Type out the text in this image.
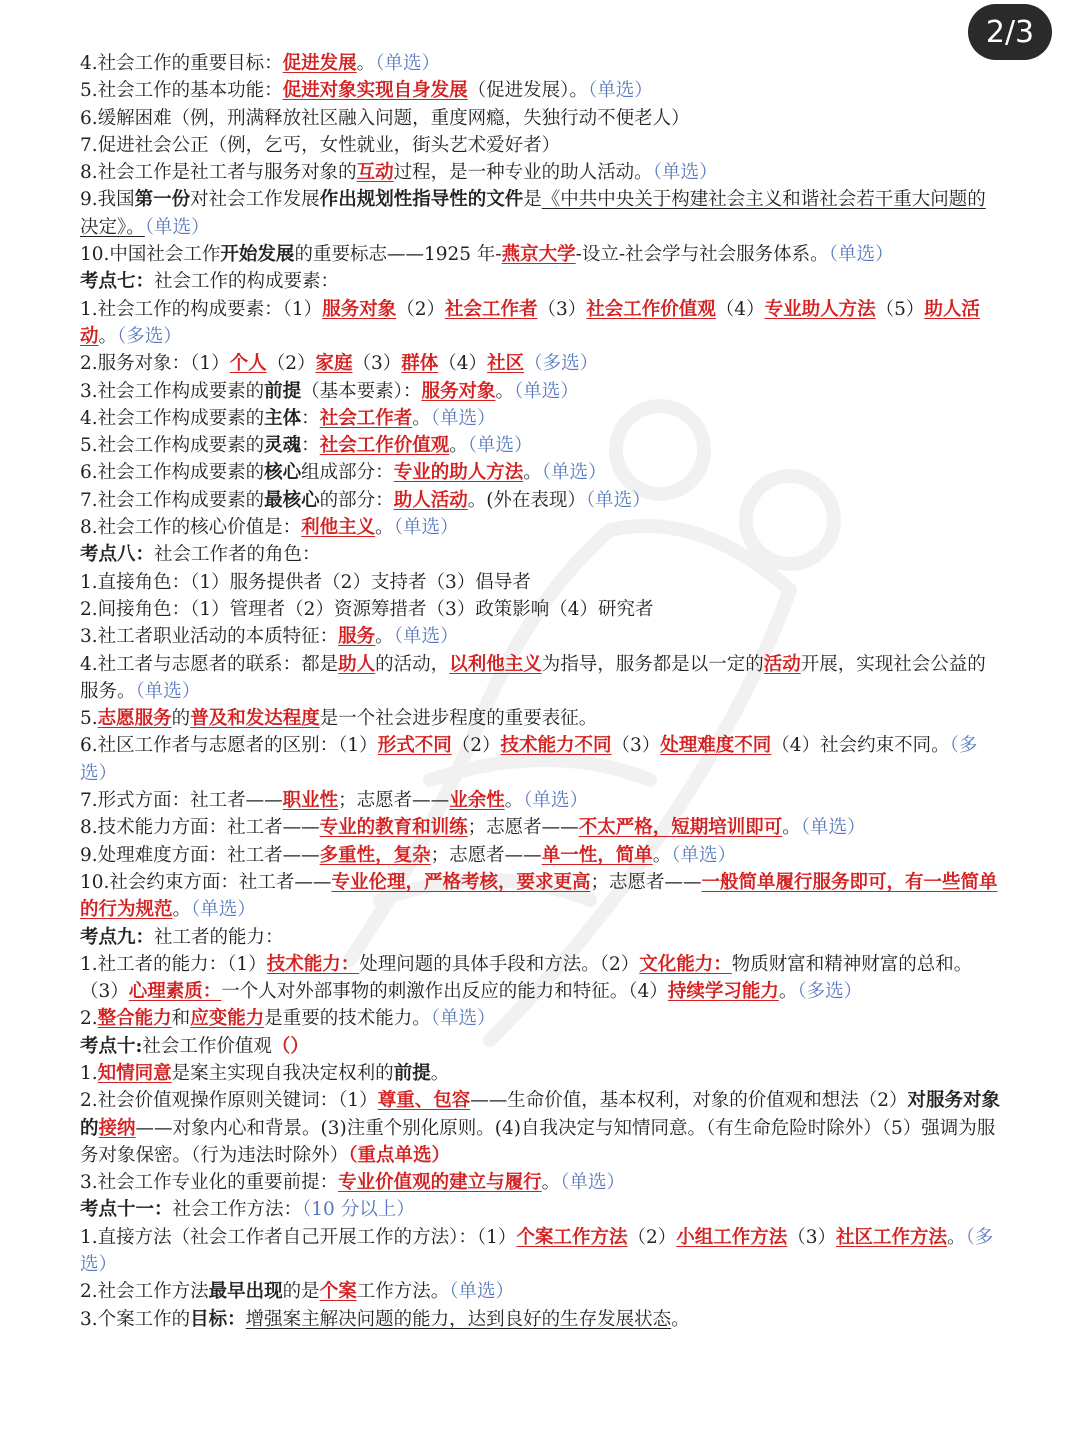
2/3

4.社会工作的重要目标：促进发展。（单选）

5.社会工作的基本功能：促进对象实现自身发展（促进发展）。（单选）

6.缓解困难（例，刑满释放社区融入问题，重度网瘾，失独行动不便老人）

7.促进社会公正（例，乞丐，女性就业，街头艺术爱好者）

8.社会工作是社工者与服务对象的互动过程，是一种专业的助人活动。（单选）

9.我国第一份对社会工作发展作出规划性指导性的文件是《中共中央关于构建社会主义和谐社会若干重大问题的决定》。（单选）

10.中国社会工作开始发展的重要标志——1925 年-燕京大学-设立-社会学与社会服务体系。（单选）

考点七：社会工作的构成要素：

1.社会工作的构成要素：（1）服务对象（2）社会工作者（3）社会工作价值观（4）专业助人方法（5）助人活动。（多选）

2.服务对象：（1）个人（2）家庭（3）群体（4）社区（多选）

3.社会工作构成要素的前提（基本要素）：服务对象。（单选）

4.社会工作构成要素的主体：社会工作者。（单选）

5.社会工作构成要素的灵魂：社会工作价值观。（单选）

6.社会工作构成要素的核心组成部分：专业的助人方法。（单选）

7.社会工作构成要素的最核心的部分：助人活动。(外在表现）（单选）

8.社会工作的核心价值是：利他主义。（单选）

考点八：社会工作者的角色：

1.直接角色：（1）服务提供者（2）支持者（3）倡导者

2.间接角色：（1）管理者（2）资源筹措者（3）政策影响（4）研究者

3.社工者职业活动的本质特征：服务。（单选）

4.社工者与志愿者的联系：都是助人的活动，以利他主义为指导，服务都是以一定的活动开展，实现社会公益的服务。（单选）

5.志愿服务的普及和发达程度是一个社会进步程度的重要表征。

6.社区工作者与志愿者的区别：（1）形式不同（2）技术能力不同（3）处理难度不同（4）社会约束不同。（多选）

7.形式方面：社工者——职业性；志愿者——业余性。（单选）

8.技术能力方面：社工者——专业的教育和训练；志愿者——不太严格，短期培训即可。（单选）

9.处理难度方面：社工者——多重性，复杂；志愿者——单一性，简单。（单选）

10.社会约束方面：社工者——专业伦理，严格考核，要求更高；志愿者——一般简单履行服务即可，有一些简单的行为规范。（单选）

考点九：社工者的能力：

1.社工者的能力：（1）技术能力：处理问题的具体手段和方法。（2）文化能力：物质财富和精神财富的总和。（3）心理素质：一个人对外部事物的刺激作出反应的能力和特征。（4）持续学习能力。（多选）

2.整合能力和应变能力是重要的技术能力。（单选）

考点十:社会工作价值观（）

1.知情同意是案主实现自我决定权利的前提。

2.社会价值观操作原则关键词：（1）尊重、包容——生命价值，基本权利，对象的价值观和想法（2）对服务对象的接纳——对象内心和背景。(3)注重个别化原则。(4)自我决定与知情同意。（有生命危险时除外）（5）强调为服务对象保密。（行为违法时除外）（重点单选）

3.社会工作专业化的重要前提：专业价值观的建立与履行。（单选）

考点十一：社会工作方法：（10 分以上）

1.直接方法（社会工作者自己开展工作的方法）：（1）个案工作方法（2）小组工作方法（3）社区工作方法。（多选）

2.社会工作方法最早出现的是个案工作方法。（单选）

3.个案工作的目标：增强案主解决问题的能力，达到良好的生存发展状态。
